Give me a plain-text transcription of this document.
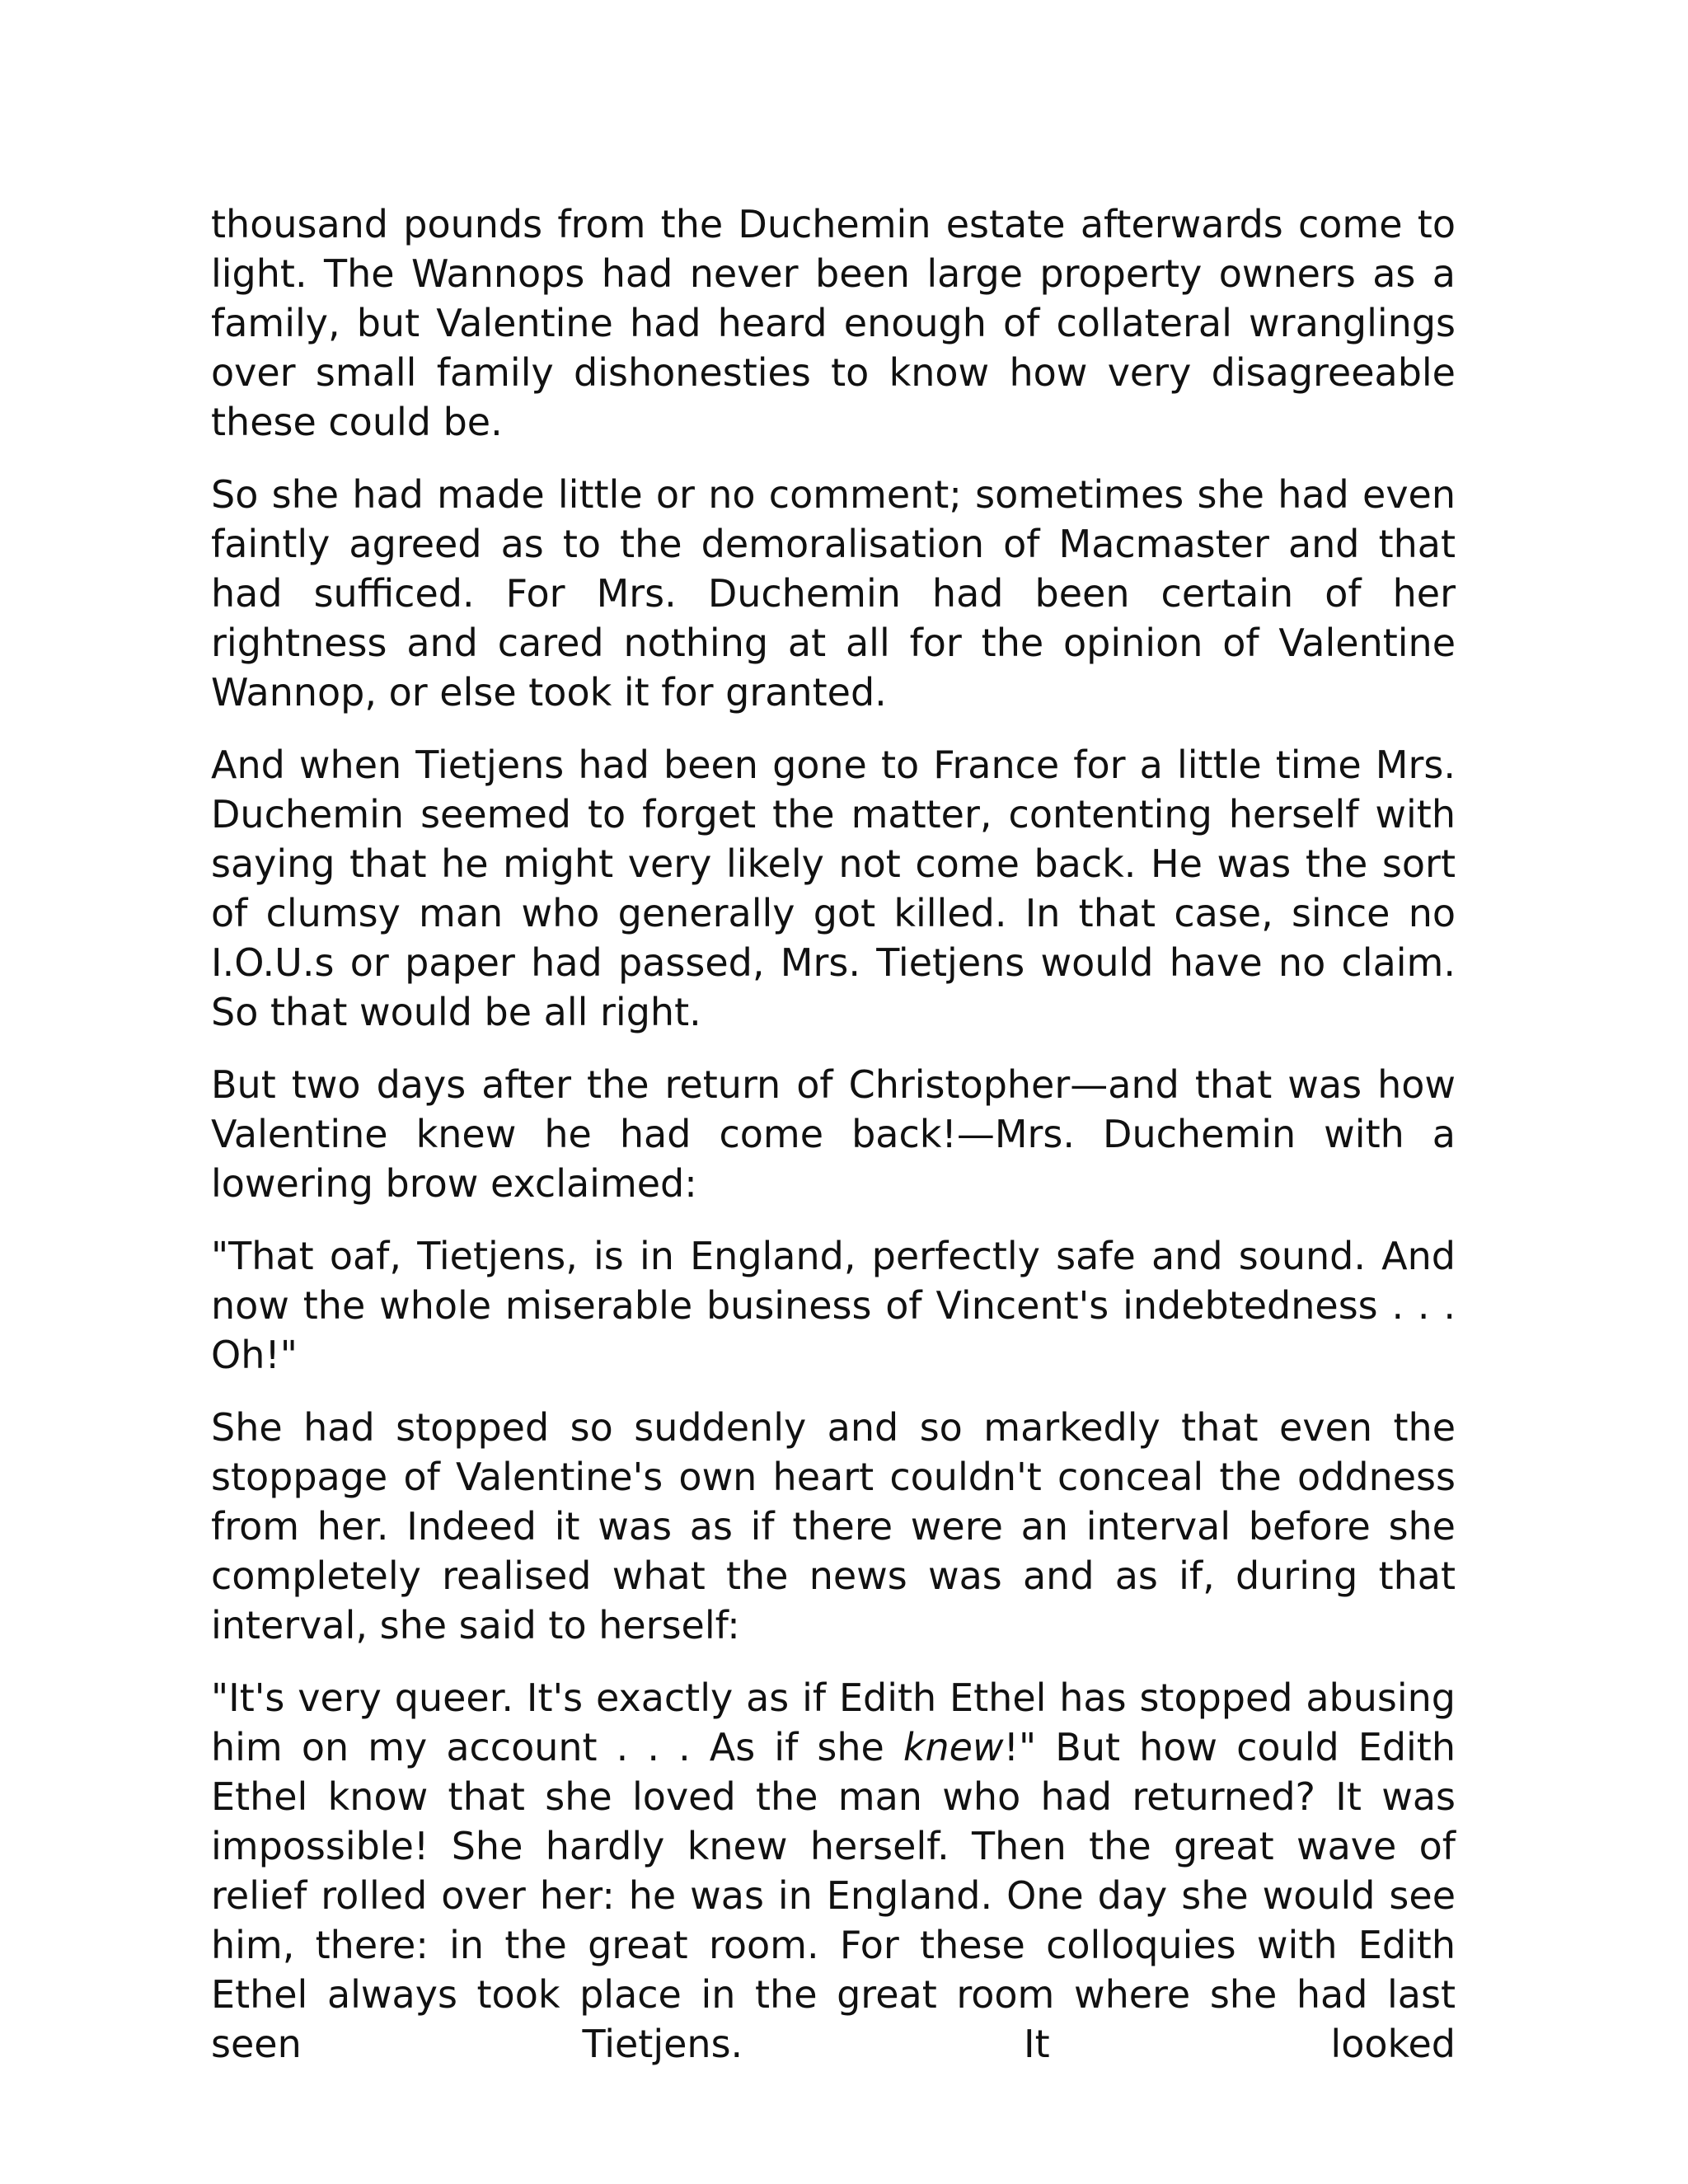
thousand pounds from the Duchemin estate afterwards come to light. The Wannops had never been large property owners as a family, but Valentine had heard enough of collateral wranglings over small family dishonesties to know how very disagreeable these could be.

So she had made little or no comment; sometimes she had even faintly agreed as to the demoralisation of Macmaster and that had sufficed. For Mrs. Duchemin had been certain of her rightness and cared nothing at all for the opinion of Valentine Wannop, or else took it for granted.

And when Tietjens had been gone to France for a little time Mrs. Duchemin seemed to forget the matter, contenting herself with saying that he might very likely not come back. He was the sort of clumsy man who generally got killed. In that case, since no I.O.U.s or paper had passed, Mrs. Tietjens would have no claim. So that would be all right.

But two days after the return of Christopher—and that was how Valentine knew he had come back!—Mrs. Duchemin with a lowering brow exclaimed:

"That oaf, Tietjens, is in England, perfectly safe and sound. And now the whole miserable business of Vincent's indebtedness . . . Oh!"

She had stopped so suddenly and so markedly that even the stoppage of Valentine's own heart couldn't conceal the oddness from her. Indeed it was as if there were an interval before she completely realised what the news was and as if, during that interval, she said to herself:

"It's very queer. It's exactly as if Edith Ethel has stopped abusing him on my account . . . As if she knew!" But how could Edith Ethel know that she loved the man who had returned? It was impossible! She hardly knew herself. Then the great wave of relief rolled over her: he was in England. One day she would see him, there: in the great room. For these colloquies with Edith Ethel always took place in the great room where she had last seen Tietjens. It looked
